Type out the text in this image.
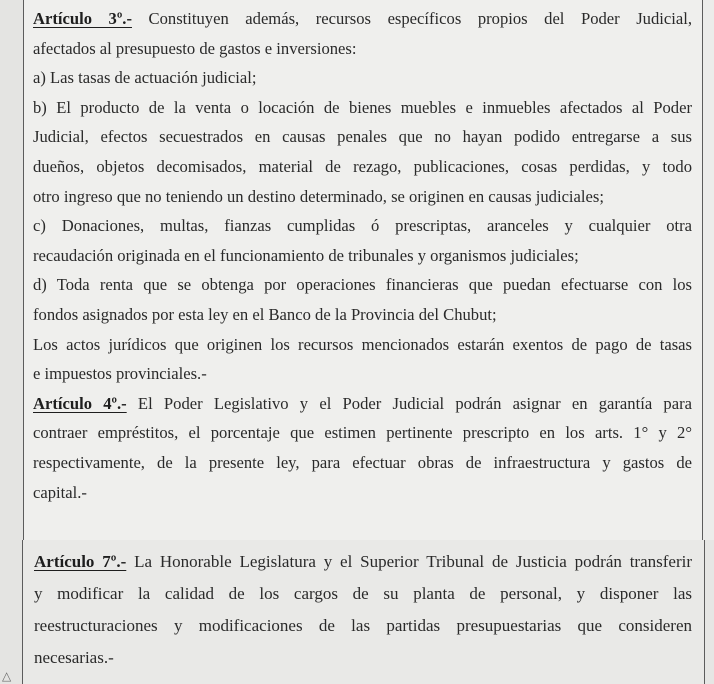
Artículo 3º.- Constituyen además, recursos específicos propios del Poder Judicial,
afectados al presupuesto de gastos e inversiones:
a) Las tasas de actuación judicial;
b) El producto de la venta o locación de bienes muebles e inmuebles afectados al Poder
Judicial, efectos secuestrados en causas penales que no hayan podido entregarse a sus
dueños, objetos decomisados, material de rezago, publicaciones, cosas perdidas, y todo
otro ingreso que no teniendo un destino determinado, se originen en causas judiciales;
c) Donaciones, multas, fianzas cumplidas ó prescriptas, aranceles y cualquier otra
recaudación originada en el funcionamiento de tribunales y organismos judiciales;
d) Toda renta que se obtenga por operaciones financieras que puedan efectuarse con los
fondos asignados por esta ley en el Banco de la Provincia del Chubut;
Los actos jurídicos que originen los recursos mencionados estarán exentos de pago de tasas
e impuestos provinciales.-
Artículo 4º.- El Poder Legislativo y el Poder Judicial podrán asignar en garantía para
contraer empréstitos, el porcentaje que estimen pertinente prescripto en los arts. 1° y 2°
respectivamente, de la presente ley, para efectuar obras de infraestructura y gastos de
capital.-
Artículo 7º.- La Honorable Legislatura y el Superior Tribunal de Justicia podrán transferir
y modificar la calidad de los cargos de su planta de personal, y disponer las
reestructuraciones y modificaciones de las partidas presupuestarias que consideren
necesarias.-
△
